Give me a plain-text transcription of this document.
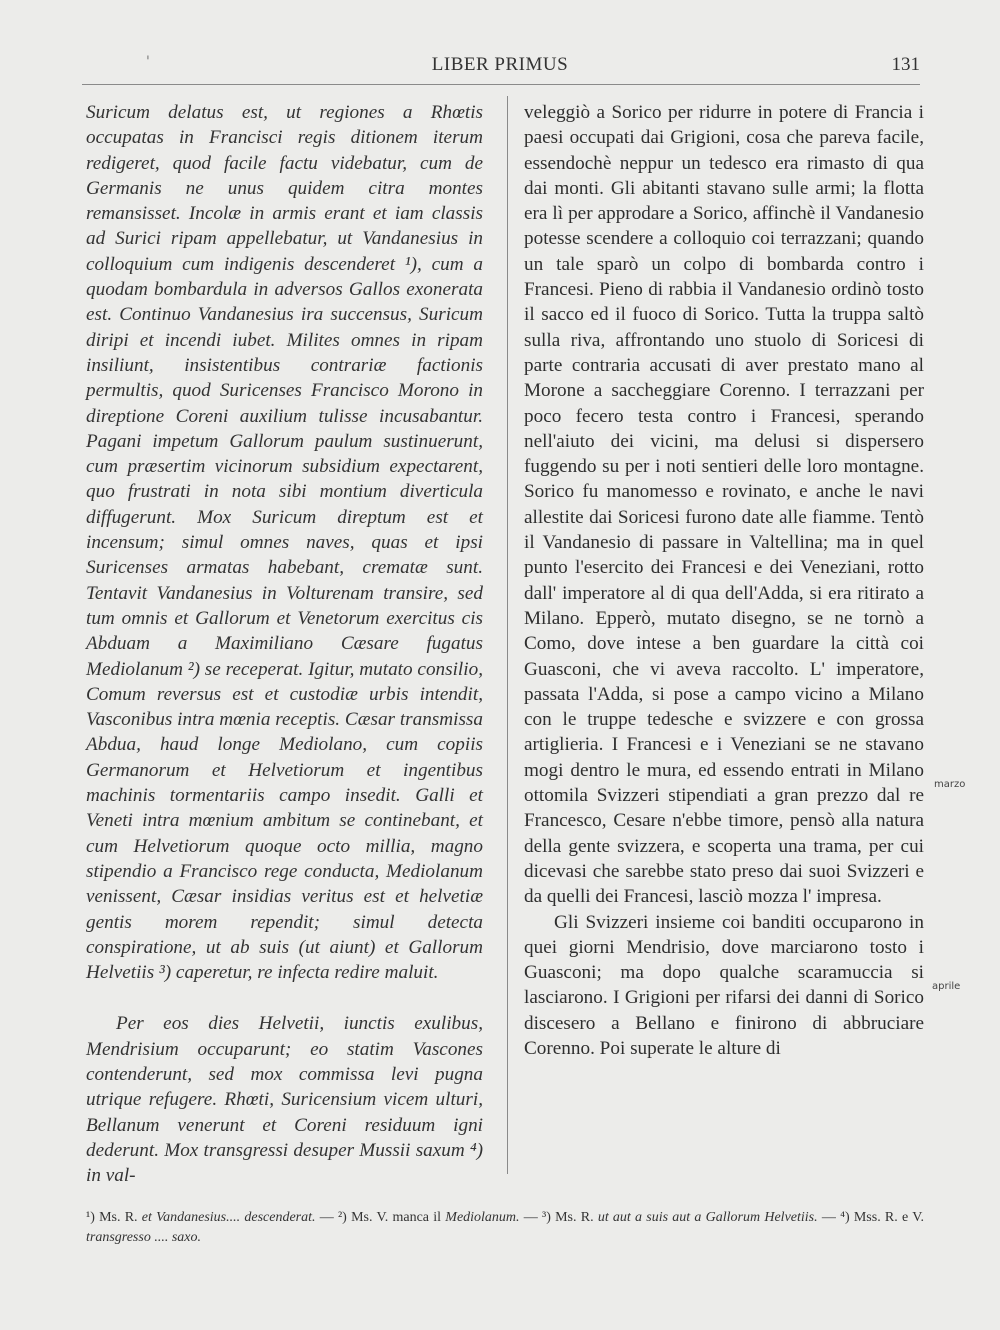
'	LIBER PRIMUS	131

Suricum delatus est, ut regiones a Rhœtis occupatas in Francisci regis ditionem iterum redigeret, quod facile factu videbatur, cum de Germanis ne unus quidem citra montes remansisset. Incolæ in armis erant et iam classis ad Surici ripam appellebatur, ut Vandanesius in colloquium cum indigenis descenderet ¹), cum a quodam bombardula in adversos Gallos exonerata est. Continuo Vandanesius ira succensus, Suricum diripi et incendi iubet. Milites omnes in ripam insiliunt, insistentibus contrariæ factionis permultis, quod Suricenses Francisco Morono in direptione Coreni auxilium tulisse incusabantur. Pagani impetum Gallorum paulum sustinuerunt, cum præsertim vicinorum subsidium expectarent, quo frustrati in nota sibi montium diverticula diffugerunt. Mox Suricum direptum est et incensum; simul omnes naves, quas et ipsi Suricenses armatas habebant, crematæ sunt. Tentavit Vandanesius in Volturenam transire, sed tum omnis et Gallorum et Venetorum exercitus cis Abduam a Maximiliano Cæsare fugatus Mediolanum ²) se receperat. Igitur, mutato consilio, Comum reversus est et custodiæ urbis intendit, Vasconibus intra mœnia receptis. Cæsar transmissa Abdua, haud longe Mediolano, cum copiis Germanorum et Helvetiorum et ingentibus machinis tormentariis campo insedit. Galli et Veneti intra mœnium ambitum se continebant, et cum Helvetiorum quoque octo millia, magno stipendio a Francisco rege conducta, Mediolanum venissent, Cæsar insidias veritus est et helvetiæ gentis morem rependit; simul detecta conspiratione, ut ab suis (ut aiunt) et Gallorum Helvetiis ³) caperetur, re infecta redire maluit.

Per eos dies Helvetii, iunctis exulibus, Mendrisium occuparunt; eo statim Vascones contenderunt, sed mox commissa levi pugna utrique refugere. Rhœti, Suricensium vicem ulturi, Bellanum venerunt et Coreni residuum igni dederunt. Mox transgressi desuper Mussii saxum ⁴) in val-

veleggiò a Sorico per ridurre in potere di Francia i paesi occupati dai Grigioni, cosa che pareva facile, essendochè neppur un tedesco era rimasto di qua dai monti. Gli abitanti stavano sulle armi; la flotta era lì per approdare a Sorico, affinchè il Vandanesio potesse scendere a colloquio coi terrazzani; quando un tale sparò un colpo di bombarda contro i Francesi. Pieno di rabbia il Vandanesio ordinò tosto il sacco ed il fuoco di Sorico. Tutta la truppa saltò sulla riva, affrontando uno stuolo di Soricesi di parte contraria accusati di aver prestato mano al Morone a saccheggiare Corenno. I terrazzani per poco fecero testa contro i Francesi, sperando nell'aiuto dei vicini, ma delusi si dispersero fuggendo su per i noti sentieri delle loro montagne. Sorico fu manomesso e rovinato, e anche le navi allestite dai Soricesi furono date alle fiamme. Tentò il Vandanesio di passare in Valtellina; ma in quel punto l'esercito dei Francesi e dei Veneziani, rotto dall' imperatore al di qua dell'Adda, si era ritirato a Milano. Epperò, mutato disegno, se ne tornò a Como, dove intese a ben guardare la città coi Guasconi, che vi aveva raccolto. L' imperatore, passata l'Adda, si pose a campo vicino a Milano con le truppe tedesche e svizzere e con grossa artiglieria. I Francesi e i Veneziani se ne stavano mogi dentro le mura, ed essendo entrati in Milano ottomila Svizzeri stipendiati a gran prezzo dal re Francesco, Cesare n'ebbe timore, pensò alla natura della gente svizzera, e scoperta una trama, per cui dicevasi che sarebbe stato preso dai suoi Svizzeri e da quelli dei Francesi, lasciò mozza l' impresa.

Gli Svizzeri insieme coi banditi occuparono in quei giorni Mendrisio, dove marciarono tosto i Guasconi; ma dopo qualche scaramuccia si lasciarono. I Grigioni per rifarsi dei danni di Sorico discesero a Bellano e finirono di abbruciare Corenno. Poi superate le alture di

marzo
aprile

¹) Ms. R. et Vandanesius.... descenderat. — ²) Ms. V. manca il Mediolanum. — ³) Ms. R. ut aut a suis aut a Gallorum Helvetiis. — ⁴) Mss. R. e V. transgresso .... saxo.
